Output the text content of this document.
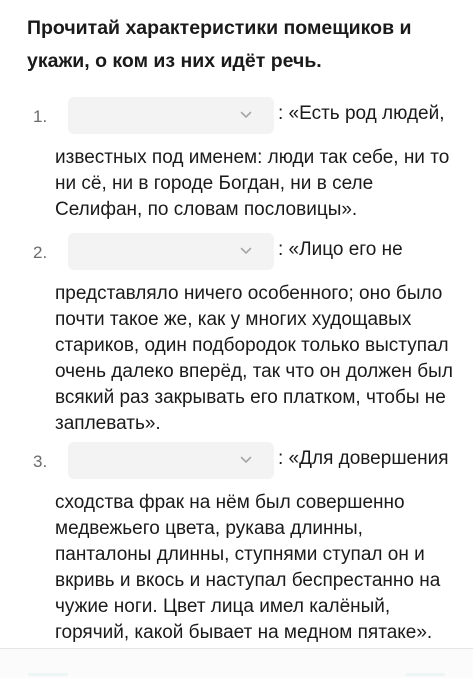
Прочитай характеристики помещиков и укажи, о ком из них идёт речь.
1.	: «Есть род людей,
известных под именем: люди так себе, ни то ни сё, ни в городе Богдан, ни в селе Селифан, по словам пословицы».
2.	: «Лицо его не
представляло ничего особенного; оно было почти такое же, как у многих худощавых стариков, один подбородок только выступал очень далеко вперёд, так что он должен был всякий раз закрывать его платком, чтобы не заплевать».
3.	: «Для довершения
сходства фрак на нём был совершенно медвежьего цвета, рукава длинны, панталоны длинны, ступнями ступал он и вкривь и вкось и наступал беспрестанно на чужие ноги. Цвет лица имел калёный, горячий, какой бывает на медном пятаке».
